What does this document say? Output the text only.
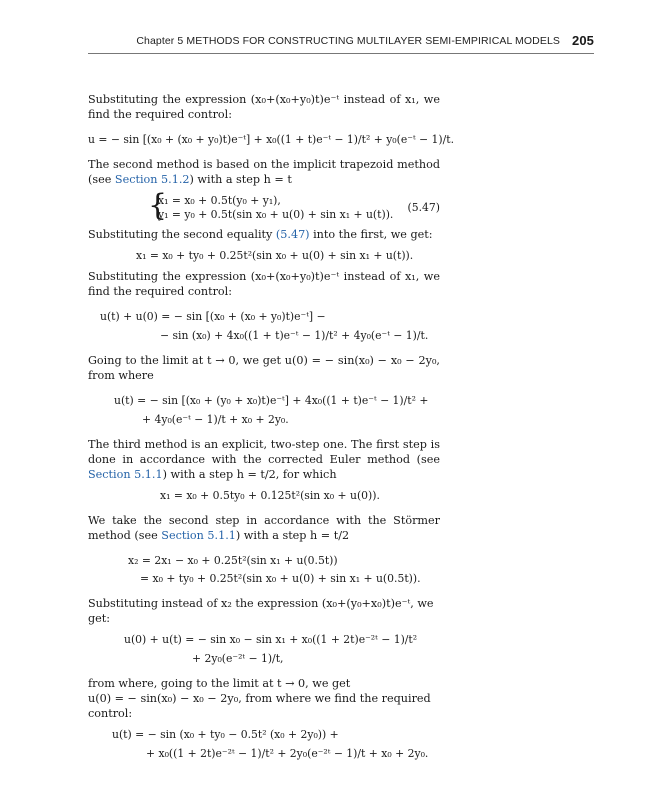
Chapter 5 METHODS FOR CONSTRUCTING MULTILAYER SEMI-EMPIRICAL MODELS 205

Substituting the expression (x₀+(x₀+y₀)t)e⁻ᵗ instead of x₁, we find the required control:

u = − sin [(x₀ + (x₀ + y₀)t)e⁻ᵗ] + x₀((1 + t)e⁻ᵗ − 1)/t² + y₀(e⁻ᵗ − 1)/t.

The second method is based on the implicit trapezoid method (see Section 5.1.2) with a step h = t

{
x₁ = x₀ + 0.5t(y₀ + y₁),
y₁ = y₀ + 0.5t(sin x₀ + u(0) + sin x₁ + u(t)).
(5.47)

Substituting the second equality (5.47) into the first, we get:

x₁ = x₀ + ty₀ + 0.25t²(sin x₀ + u(0) + sin x₁ + u(t)).

Substituting the expression (x₀+(x₀+y₀)t)e⁻ᵗ instead of x₁, we find the required control:

u(t) + u(0) = − sin [(x₀ + (x₀ + y₀)t)e⁻ᵗ] −

− sin (x₀) + 4x₀((1 + t)e⁻ᵗ − 1)/t² + 4y₀(e⁻ᵗ − 1)/t.

Going to the limit at t → 0, we get u(0) = − sin(x₀) − x₀ − 2y₀, from where

u(t) = − sin [(x₀ + (y₀ + x₀)t)e⁻ᵗ] + 4x₀((1 + t)e⁻ᵗ − 1)/t² +

+ 4y₀(e⁻ᵗ − 1)/t + x₀ + 2y₀.

The third method is an explicit, two-step one. The first step is done in accordance with the corrected Euler method (see Section 5.1.1) with a step h = t/2, for which

x₁ = x₀ + 0.5ty₀ + 0.125t²(sin x₀ + u(0)).

We take the second step in accordance with the Störmer method (see Section 5.1.1) with a step h = t/2

x₂ = 2x₁ − x₀ + 0.25t²(sin x₁ + u(0.5t))

= x₀ + ty₀ + 0.25t²(sin x₀ + u(0) + sin x₁ + u(0.5t)).

Substituting instead of x₂ the expression (x₀+(y₀+x₀)t)e⁻ᵗ, we get:

u(0) + u(t) = − sin x₀ − sin x₁ + x₀((1 + 2t)e⁻²ᵗ − 1)/t²

+ 2y₀(e⁻²ᵗ − 1)/t,

from where, going to the limit at t → 0, we get

u(0) = − sin(x₀) − x₀ − 2y₀, from where we find the required control:

u(t) = − sin (x₀ + ty₀ − 0.5t² (x₀ + 2y₀)) +

+ x₀((1 + 2t)e⁻²ᵗ − 1)/t² + 2y₀(e⁻²ᵗ − 1)/t + x₀ + 2y₀.
